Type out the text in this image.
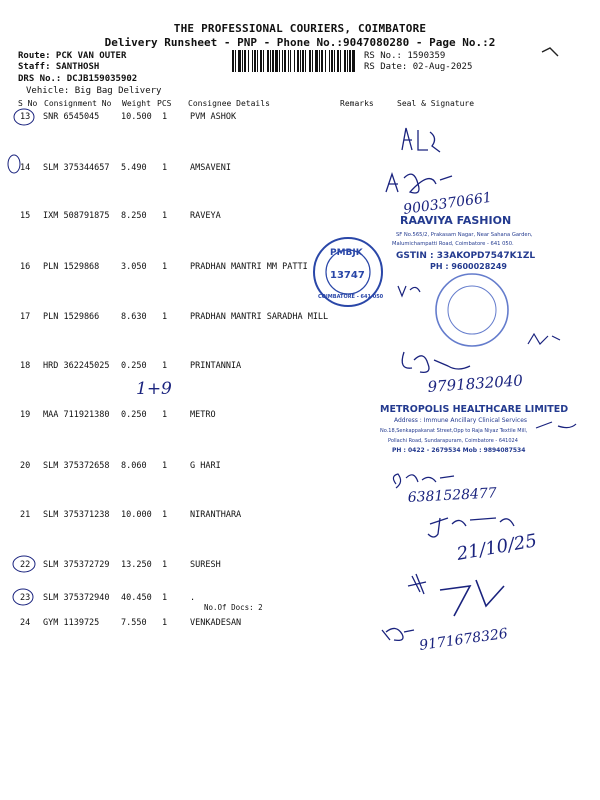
THE PROFESSIONAL COURIERS, COIMBATORE
Delivery Runsheet - PNP - Phone No.:9047080280 - Page No.:2
Route: PCK VAN OUTER
Staff: SANTHOSH
DRS No.: DCJB159035902
Vehicle: Big Bag Delivery
RS No.: 1590359
RS Date: 02-Aug-2025
S No Consignment No Weight PCS Consignee Details	Remarks	Seal & Signature
13 SNR 6545045	10.500 1	PVM ASHOK
14 SLM 375344657 5.490 1	AMSAVENI
15 IXM 508791875 8.250 1	RAVEYA
16 PLN 1529868	3.050 1	PRADHAN MANTRI MM PATTI
17 PLN 1529866	8.630 1	PRADHAN MANTRI SARADHA MILL
18 HRD 362245025 0.250 1	PRINTANNIA
19 MAA 711921380 0.250 1	METRO
20 SLM 375372658 8.060 1	G HARI
21 SLM 375371238 10.000 1	NIRANTHARA
22 SLM 375372729 13.250 1	SURESH
23 SLM 375372940 40.450 1	.
No.Of Docs: 2
24 GYM 1139725	7.550 1	VENKADESAN
1+9
9003370661
RAAVIYA FASHION
SF No.565/2, Prakasam Nagar, Near Sahana Garden,
Malumichampatti Road, Coimbatore - 641 050.
GSTIN : 33AKOPD7547K1ZL
PH : 9600028249
PMBJK
13747
COIMBATORE - 641 050
9791832040
METROPOLIS HEALTHCARE LIMITED
Address : Immune Ancillary Clinical Services
No.18,Senkappakanat Street,Opp to Raja Niyaz Textile Mill,
Pollachi Road, Sundarapuram, Coimbatore - 641024
PH : 0422 - 2679534 Mob : 9894087534
6381528477
21/10/25
9171678326
